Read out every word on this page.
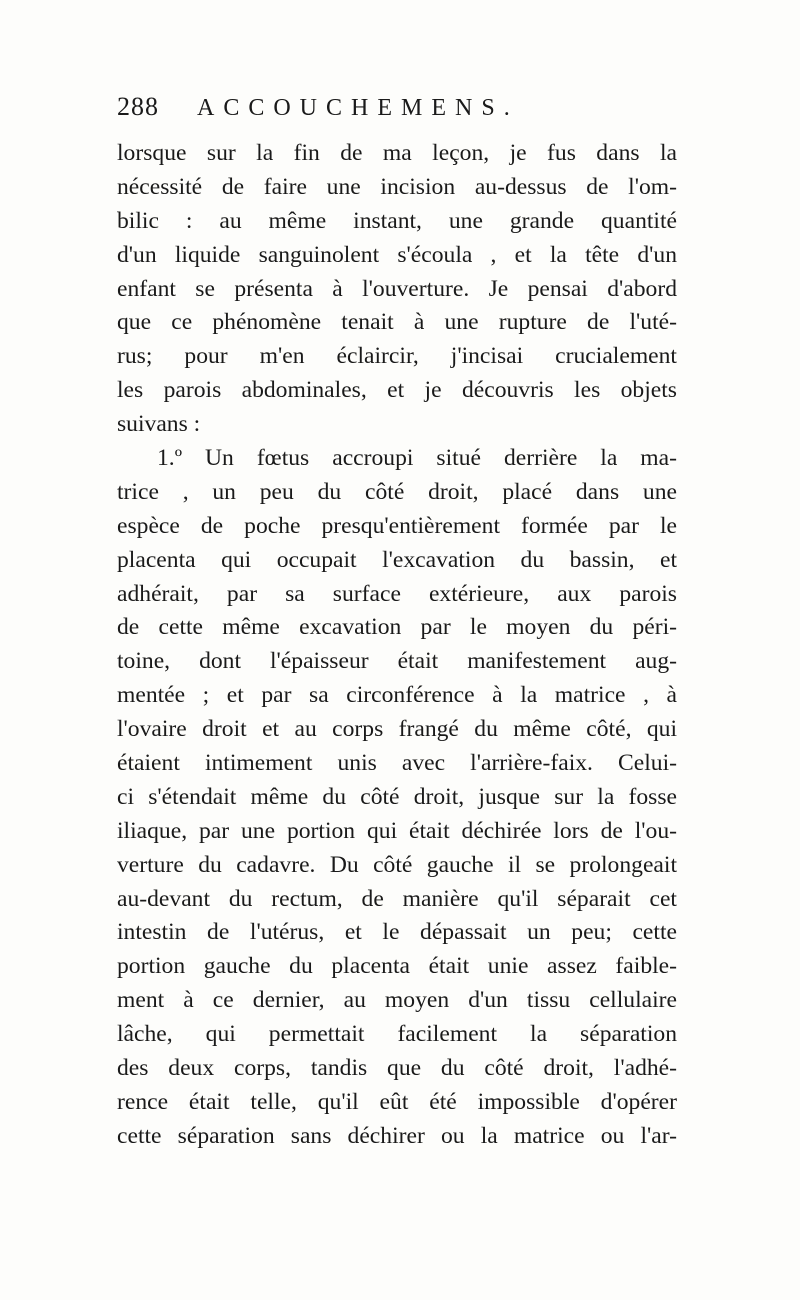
288 ACCOUCHEMENS.
lorsque sur la fin de ma leçon, je fus dans la
nécessité de faire une incision au-dessus de l'om-
bilic : au même instant, une grande quantité
d'un liquide sanguinolent s'écoula , et la tête d'un
enfant se présenta à l'ouverture. Je pensai d'abord
que ce phénomène tenait à une rupture de l'uté-
rus; pour m'en éclaircir, j'incisai crucialement
les parois abdominales, et je découvris les objets
suivans :
1.º Un fœtus accroupi situé derrière la ma-
trice , un peu du côté droit, placé dans une
espèce de poche presqu'entièrement formée par le
placenta qui occupait l'excavation du bassin, et
adhérait, par sa surface extérieure, aux parois
de cette même excavation par le moyen du péri-
toine, dont l'épaisseur était manifestement aug-
mentée ; et par sa circonférence à la matrice , à
l'ovaire droit et au corps frangé du même côté, qui
étaient intimement unis avec l'arrière-faix. Celui-
ci s'étendait même du côté droit, jusque sur la fosse
iliaque, par une portion qui était déchirée lors de l'ou-
verture du cadavre. Du côté gauche il se prolongeait
au-devant du rectum, de manière qu'il séparait cet
intestin de l'utérus, et le dépassait un peu; cette
portion gauche du placenta était unie assez faible-
ment à ce dernier, au moyen d'un tissu cellulaire
lâche, qui permettait facilement la séparation
des deux corps, tandis que du côté droit, l'adhé-
rence était telle, qu'il eût été impossible d'opérer
cette séparation sans déchirer ou la matrice ou l'ar-
